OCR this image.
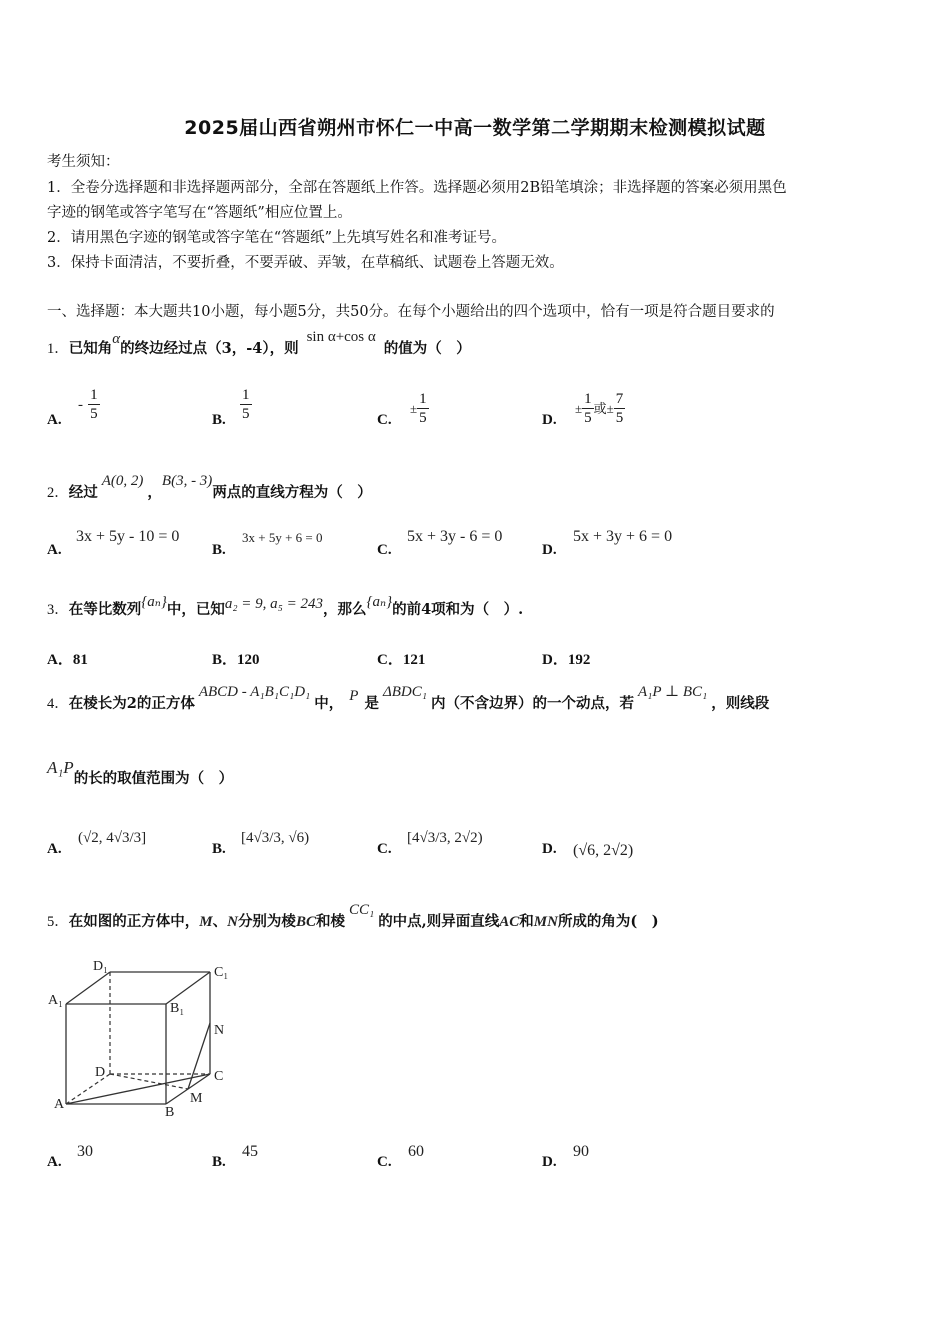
2025届山西省朔州市怀仁一中高一数学第二学期期末检测模拟试题
考生须知：
1．全卷分选择题和非选择题两部分，全部在答题纸上作答。选择题必须用2B铅笔填涂；非选择题的答案必须用黑色
字迹的钢笔或答字笔写在“答题纸”相应位置上。
2．请用黑色字迹的钢笔或答字笔在“答题纸”上先填写姓名和准考证号。
3．保持卡面清洁，不要折叠，不要弄破、弄皱，在草稿纸、试题卷上答题无效。
一、选择题：本大题共10小题，每小题5分，共50分。在每个小题给出的四个选项中，恰有一项是符合题目要求的
1．已知角α的终边经过点（3，-4），则sin α+cos α的值为（　）
A.
- $\frac{1}{5}$	B. $\frac{1}{5}$	C.
± $\frac{1}{5}$	D.
± $\frac{1}{5}$ 或± $\frac{7}{5}$
2．经过A(0, 2)，B(3, - 3)两点的直线方程为（　）
A.
3x + 5y - 10 = 0
B.
3x + 5y + 6 = 0
C.
5x + 3y - 6 = 0
D.
5x + 3y + 6 = 0
3．在等比数列{aₙ}中，已知a₂ = 9, a₅ = 243，那么{aₙ}的前4项和为（　）.
A．81	B．120	C．121	D．192
4．在棱长为2的正方体ABCD - A₁B₁C₁D₁中， P 是ΔBDC₁内（不含边界）的一个动点，若A₁P ⊥ BC₁，则线段
A₁P的长的取值范围为（　）
A.
(√2, 4√3/3]
B.
[4√3/3, √6)
C.
[4√3/3, 2√2)
D. (√6, 2√2)
5．在如图的正方体中，M、N分别为棱BC和棱CC₁的中点,则异面直线AC和MN所成的角为(　)
D₁	C₁
A₁
B₁
N
D	C
A
B
M
A.
30
B.
45
C.
60
D.
90
